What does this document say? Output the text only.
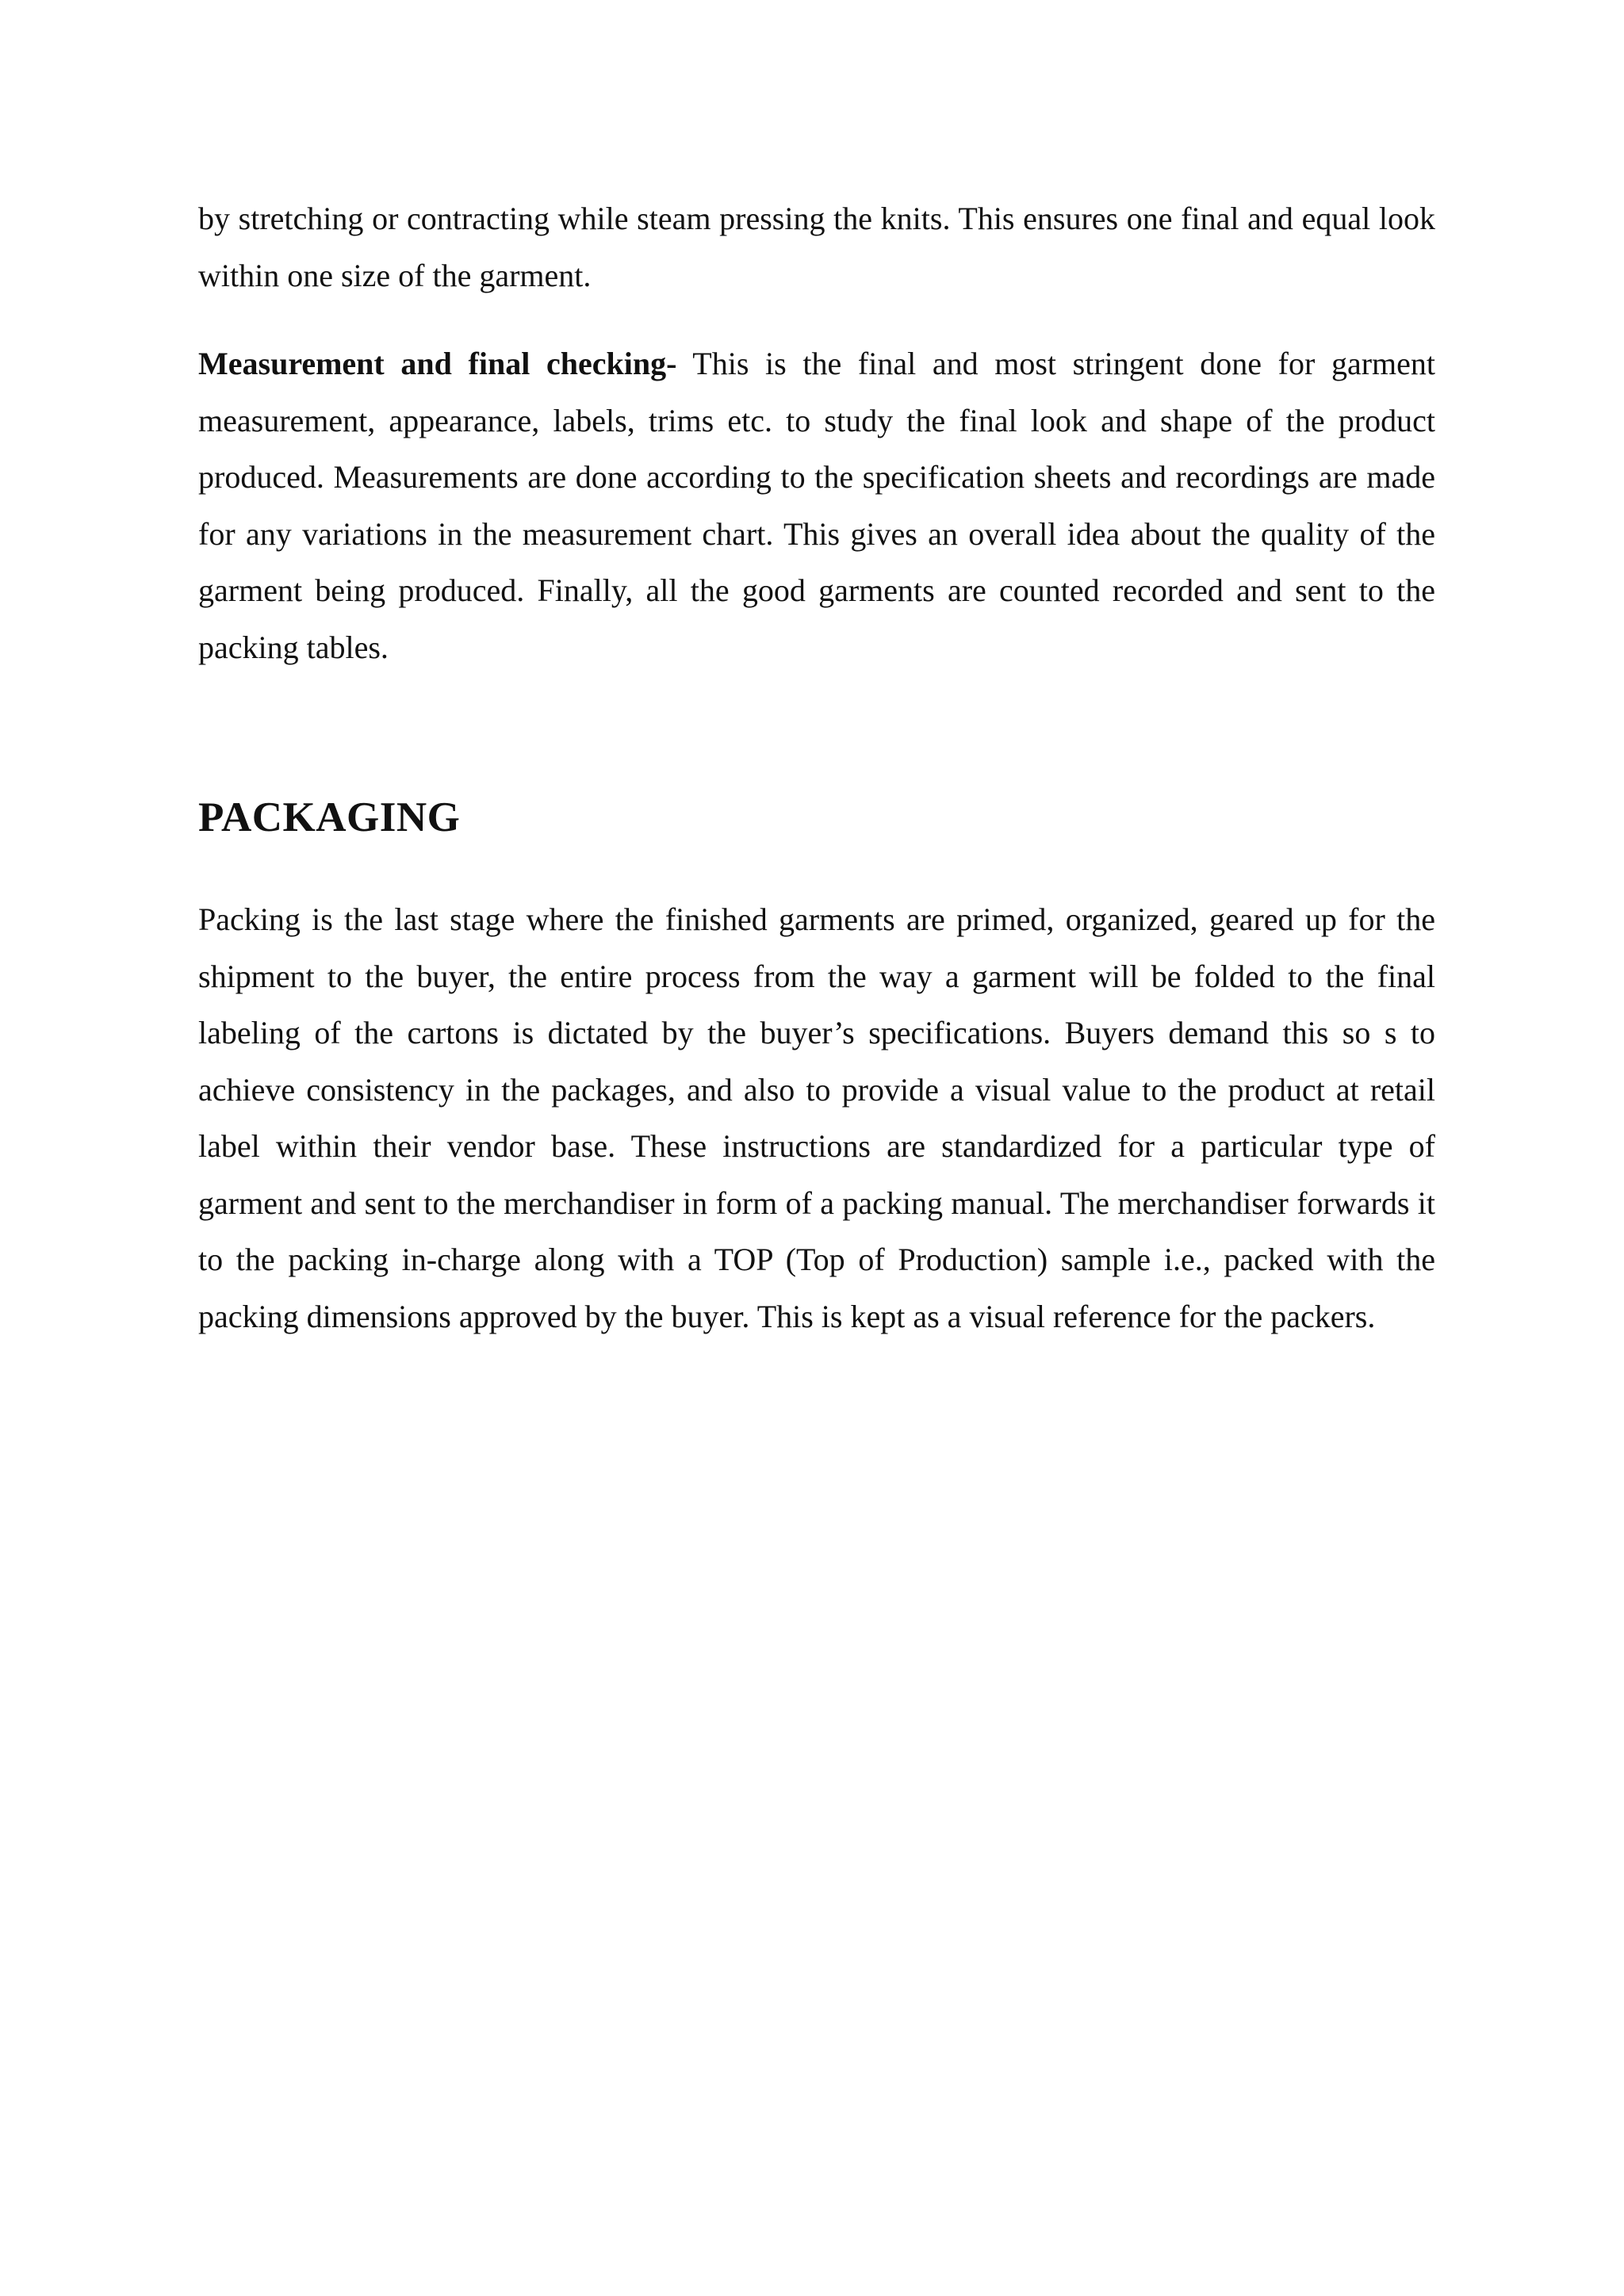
by stretching or contracting while steam pressing the knits. This ensures one final and equal look within one size of the garment.

Measurement and final checking- This is the final and most stringent done for garment measurement, appearance, labels, trims etc. to study the final look and shape of the product produced. Measurements are done according to the specification sheets and recordings are made for any variations in the measurement chart. This gives an overall idea about the quality of the garment being produced. Finally, all the good garments are counted recorded and sent to the packing tables.

PACKAGING

Packing is the last stage where the finished garments are primed, organized, geared up for the shipment to the buyer, the entire process from the way a garment will be folded to the final labeling of the cartons is dictated by the buyer’s specifications. Buyers demand this so s to achieve consistency in the packages, and also to provide a visual value to the product at retail label within their vendor base. These instructions are standardized for a particular type of garment and sent to the merchandiser in form of a packing manual. The merchandiser forwards it to the packing in-charge along with a TOP (Top of Production) sample i.e., packed with the packing dimensions approved by the buyer. This is kept as a visual reference for the packers.
